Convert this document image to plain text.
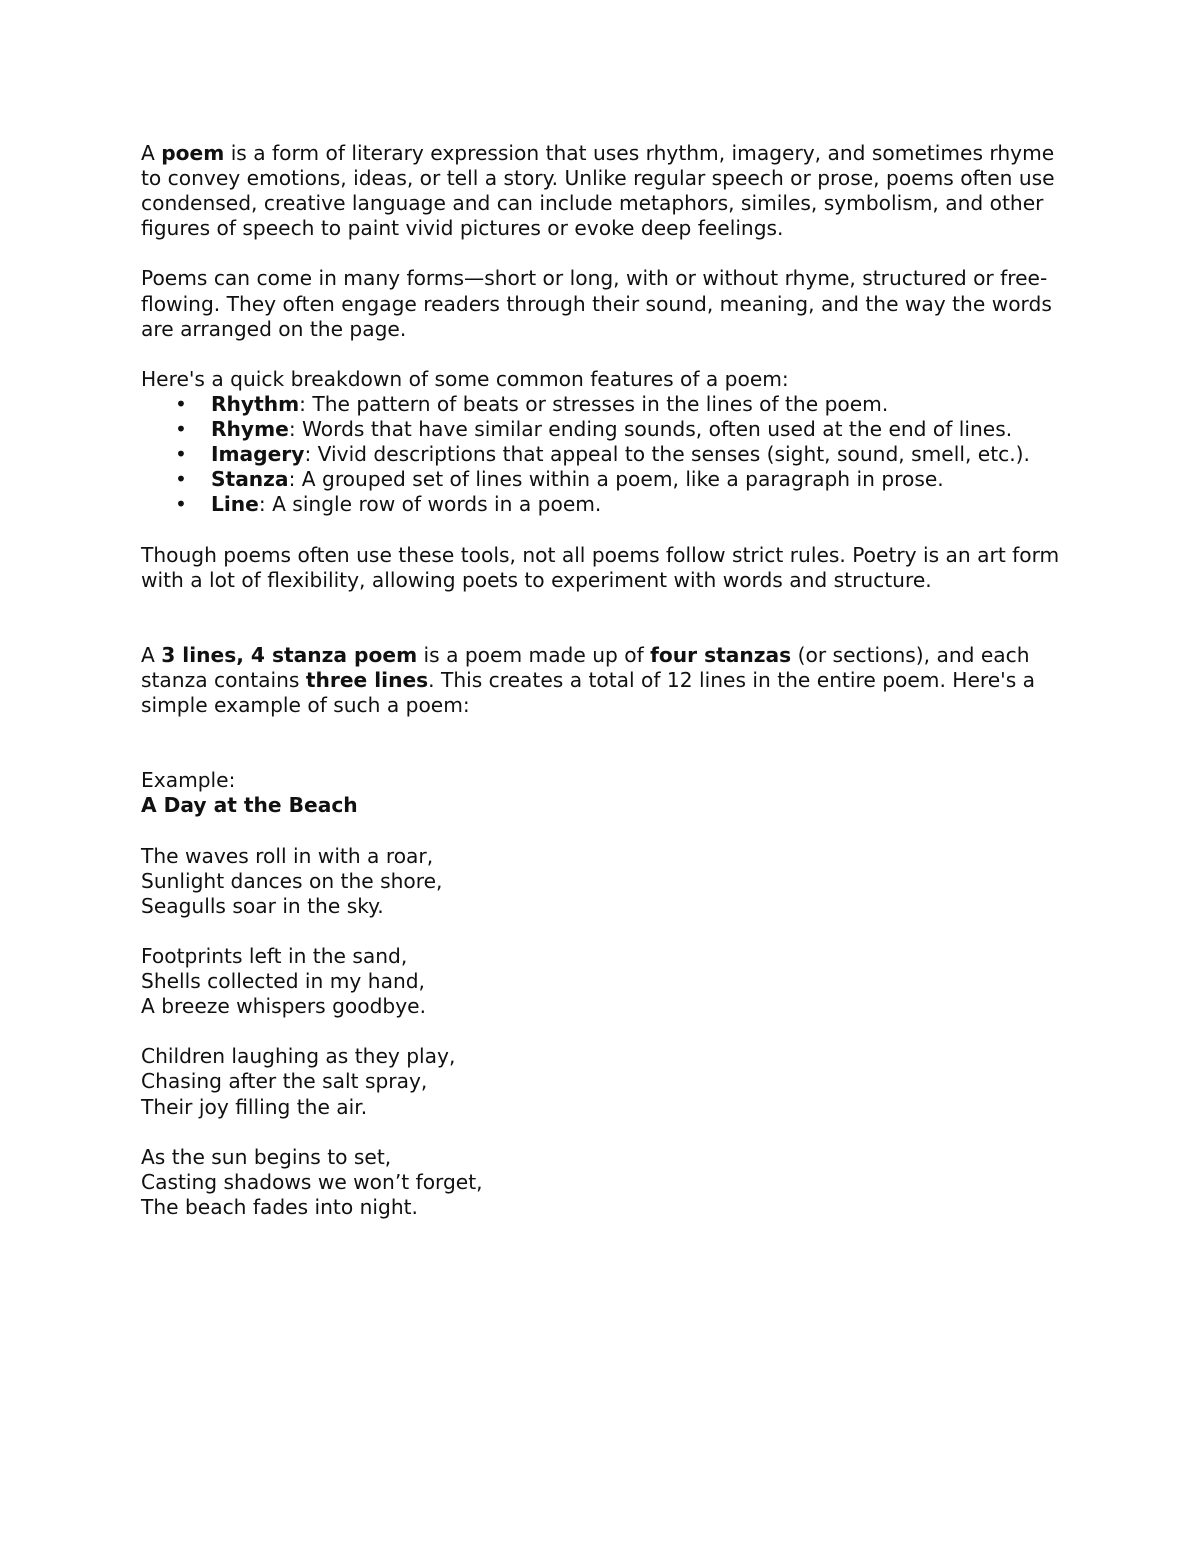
A poem is a form of literary expression that uses rhythm, imagery, and sometimes rhyme to convey emotions, ideas, or tell a story. Unlike regular speech or prose, poems often use condensed, creative language and can include metaphors, similes, symbolism, and other figures of speech to paint vivid pictures or evoke deep feelings.

Poems can come in many forms—short or long, with or without rhyme, structured or free-flowing. They often engage readers through their sound, meaning, and the way the words are arranged on the page.

Here's a quick breakdown of some common features of a poem:

• Rhythm: The pattern of beats or stresses in the lines of the poem.
• Rhyme: Words that have similar ending sounds, often used at the end of lines.
• Imagery: Vivid descriptions that appeal to the senses (sight, sound, smell, etc.).
• Stanza: A grouped set of lines within a poem, like a paragraph in prose.
• Line: A single row of words in a poem.

Though poems often use these tools, not all poems follow strict rules. Poetry is an art form with a lot of flexibility, allowing poets to experiment with words and structure.

A 3 lines, 4 stanza poem is a poem made up of four stanzas (or sections), and each stanza contains three lines. This creates a total of 12 lines in the entire poem. Here's a simple example of such a poem:

Example:

A Day at the Beach

The waves roll in with a roar,

Sunlight dances on the shore,

Seagulls soar in the sky.

Footprints left in the sand,

Shells collected in my hand,

A breeze whispers goodbye.

Children laughing as they play,

Chasing after the salt spray,

Their joy filling the air.

As the sun begins to set,

Casting shadows we won’t forget,

The beach fades into night.
